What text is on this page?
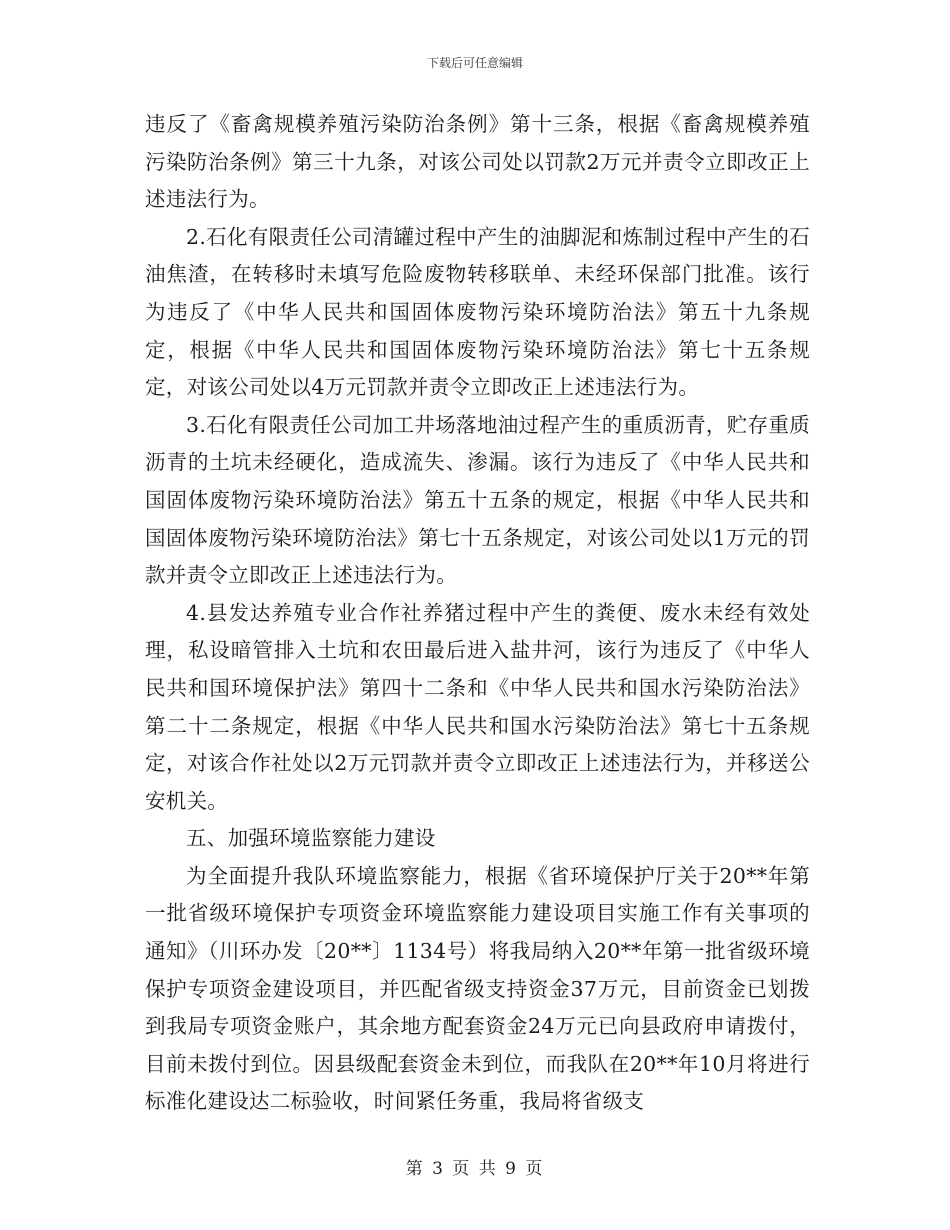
下载后可任意编辑

违反了《畜禽规模养殖污染防治条例》第十三条，根据《畜禽规模养殖污染防治条例》第三十九条，对该公司处以罚款2万元并责令立即改正上述违法行为。

2.石化有限责任公司清罐过程中产生的油脚泥和炼制过程中产生的石油焦渣，在转移时未填写危险废物转移联单、未经环保部门批准。该行为违反了《中华人民共和国固体废物污染环境防治法》第五十九条规定，根据《中华人民共和国固体废物污染环境防治法》第七十五条规定，对该公司处以4万元罚款并责令立即改正上述违法行为。

3.石化有限责任公司加工井场落地油过程产生的重质沥青，贮存重质沥青的土坑未经硬化，造成流失、渗漏。该行为违反了《中华人民共和国固体废物污染环境防治法》第五十五条的规定，根据《中华人民共和国固体废物污染环境防治法》第七十五条规定，对该公司处以1万元的罚款并责令立即改正上述违法行为。

4.县发达养殖专业合作社养猪过程中产生的粪便、废水未经有效处理，私设暗管排入土坑和农田最后进入盐井河，该行为违反了《中华人民共和国环境保护法》第四十二条和《中华人民共和国水污染防治法》第二十二条规定，根据《中华人民共和国水污染防治法》第七十五条规定，对该合作社处以2万元罚款并责令立即改正上述违法行为，并移送公安机关。

五、加强环境监察能力建设

为全面提升我队环境监察能力，根据《省环境保护厅关于20**年第一批省级环境保护专项资金环境监察能力建设项目实施工作有关事项的通知》（川环办发〔20**〕1134号）将我局纳入20**年第一批省级环境保护专项资金建设项目，并匹配省级支持资金37万元，目前资金已划拨到我局专项资金账户，其余地方配套资金24万元已向县政府申请拨付，目前未拨付到位。因县级配套资金未到位，而我队在20**年10月将进行标准化建设达二标验收，时间紧任务重，我局将省级支

第 3 页 共 9 页
